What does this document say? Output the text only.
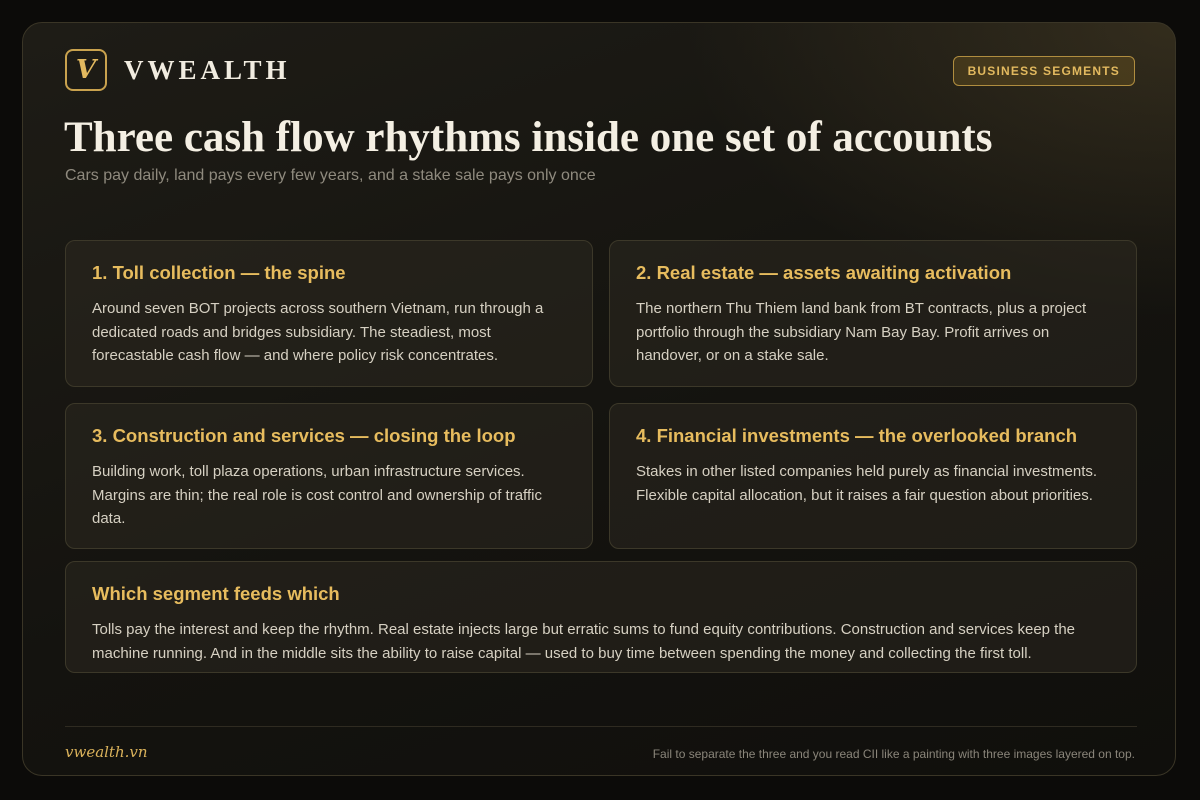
V VWEALTH	BUSINESS SEGMENTS
Three cash flow rhythms inside one set of accounts
Cars pay daily, land pays every few years, and a stake sale pays only once
1. Toll collection — the spine

Around seven BOT projects across southern Vietnam, run through a dedicated roads and bridges subsidiary. The steadiest, most forecastable cash flow — and where policy risk concentrates.

2. Real estate — assets awaiting activation

The northern Thu Thiem land bank from BT contracts, plus a project portfolio through the subsidiary Nam Bay Bay. Profit arrives on handover, or on a stake sale.

3. Construction and services — closing the loop

Building work, toll plaza operations, urban infrastructure services. Margins are thin; the real role is cost control and ownership of traffic data.

4. Financial investments — the overlooked branch

Stakes in other listed companies held purely as financial investments. Flexible capital allocation, but it raises a fair question about priorities.

Which segment feeds which

Tolls pay the interest and keep the rhythm. Real estate injects large but erratic sums to fund equity contributions. Construction and services keep the machine running. And in the middle sits the ability to raise capital — used to buy time between spending the money and collecting the first toll.

vwealth.vn	Fail to separate the three and you read CII like a painting with three images layered on top.
